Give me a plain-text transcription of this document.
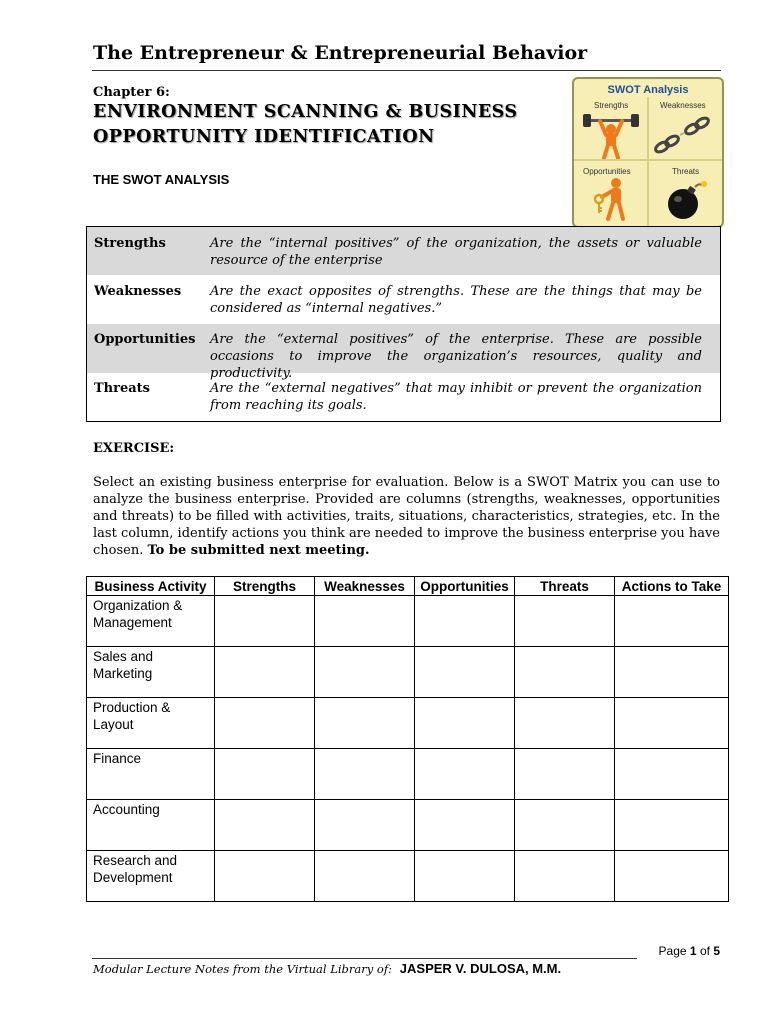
The Entrepreneur & Entrepreneurial Behavior
Chapter 6:
ENVIRONMENT SCANNING & BUSINESS
OPPORTUNITY IDENTIFICATION
THE SWOT ANALYSIS
SWOT Analysis
Strengths	Weaknesses
Opportunities	Threats
Strengths	Are the “internal positives” of the organization, the assets or valuable resource of the enterprise
Weaknesses	Are the exact opposites of strengths. These are the things that may be considered as “internal negatives.”
Opportunities Are the “external positives” of the enterprise. These are possible occasions to improve the organization’s resources, quality and productivity.
Threats	Are the “external negatives” that may inhibit or prevent the organization from reaching its goals.
EXERCISE:
Select an existing business enterprise for evaluation. Below is a SWOT Matrix you can use to analyze the business enterprise. Provided are columns (strengths, weaknesses, opportunities and threats) to be filled with activities, traits, situations, characteristics, strategies, etc. In the last column, identify actions you think are needed to improve the business enterprise you have chosen. To be submitted next meeting.
Business Activity	Strengths	Weaknesses	Opportunities	Threats	Actions to Take

Organization &
Management					

Sales and
Marketing					

Production & Layout					

Finance					

Accounting					

Research and
Development					

Page 1 of 5
Modular Lecture Notes from the Virtual Library of: JASPER V. DULOSA, M.M.
